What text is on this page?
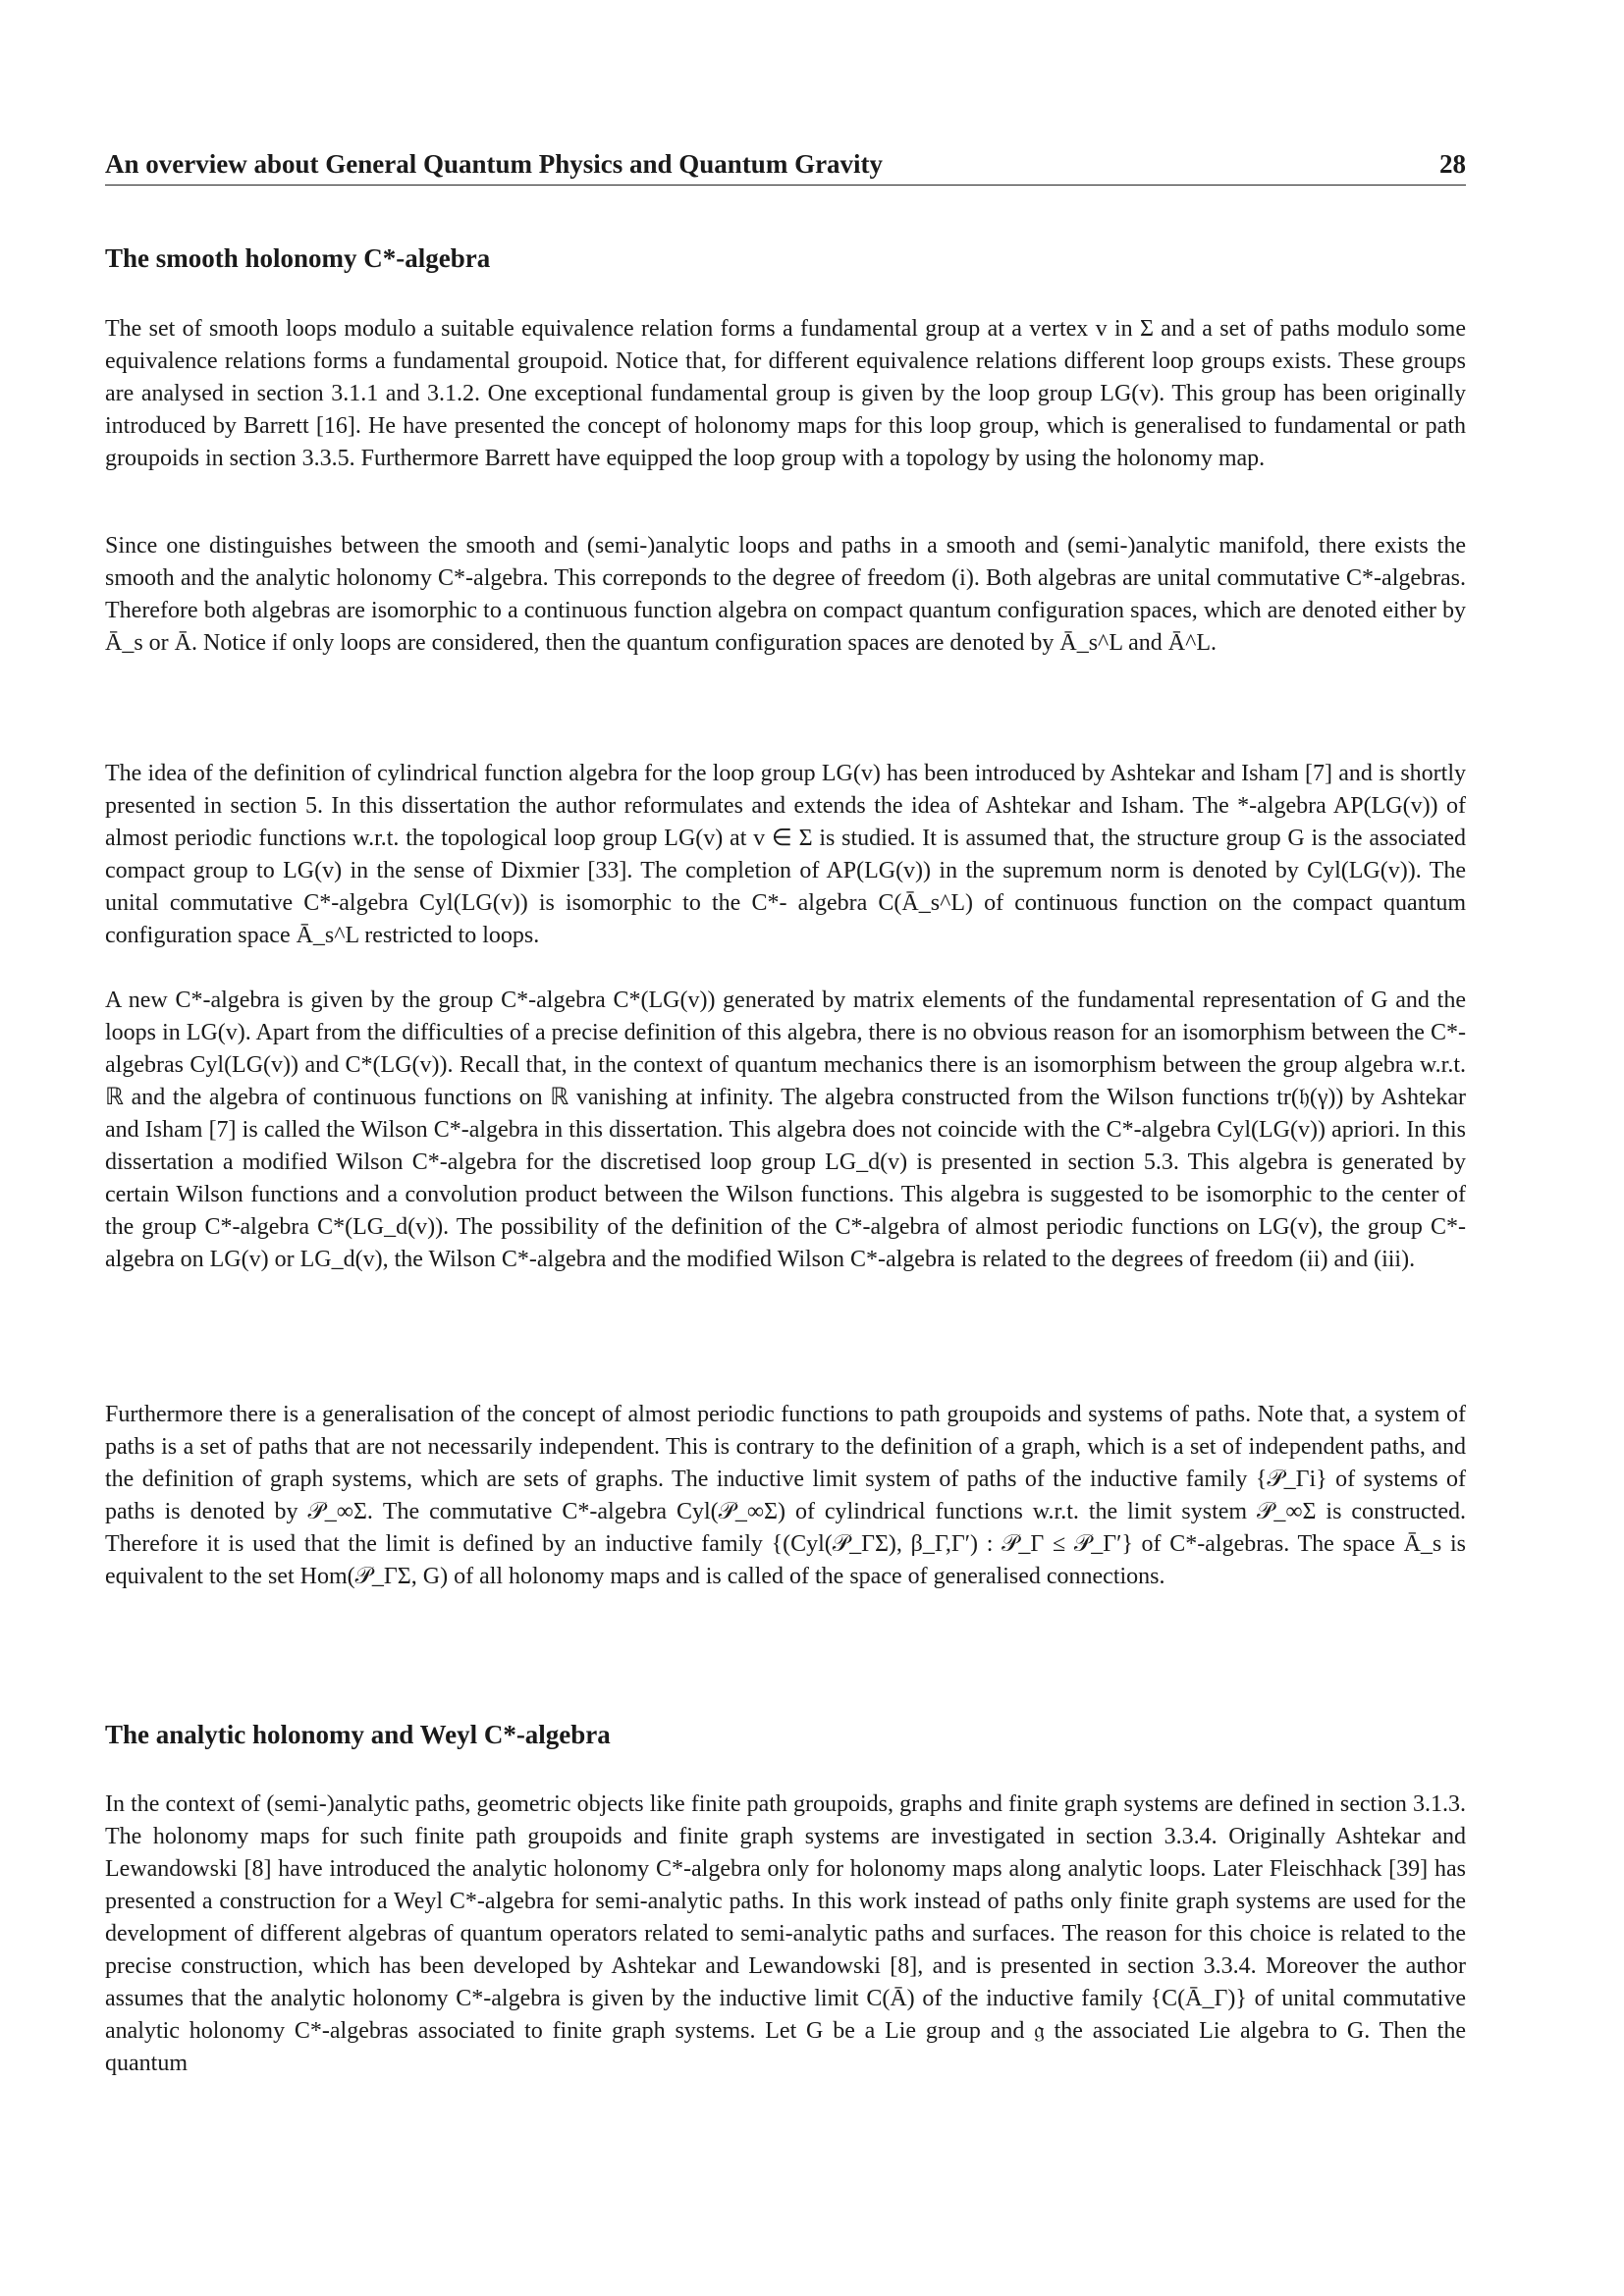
An overview about General Quantum Physics and Quantum Gravity	28
The smooth holonomy C*-algebra

The set of smooth loops modulo a suitable equivalence relation forms a fundamental group at a vertex v in Σ and a set of paths modulo some equivalence relations forms a fundamental groupoid. Notice that, for different equivalence relations different loop groups exists. These groups are analysed in section 3.1.1 and 3.1.2. One exceptional fundamental group is given by the loop group LG(v). This group has been originally introduced by Barrett [16]. He have presented the concept of holonomy maps for this loop group, which is generalised to fundamental or path groupoids in section 3.3.5. Furthermore Barrett have equipped the loop group with a topology by using the holonomy map.

Since one distinguishes between the smooth and (semi-)analytic loops and paths in a smooth and (semi-)analytic manifold, there exists the smooth and the analytic holonomy C*-algebra. This correponds to the degree of freedom (i). Both algebras are unital commutative C*-algebras. Therefore both algebras are isomorphic to a continuous function algebra on compact quantum configuration spaces, which are denoted either by Ā_s or Ā. Notice if only loops are considered, then the quantum configuration spaces are denoted by Ā_s^L and Ā^L.

The idea of the definition of cylindrical function algebra for the loop group LG(v) has been introduced by Ashtekar and Isham [7] and is shortly presented in section 5. In this dissertation the author reformulates and extends the idea of Ashtekar and Isham. The *-algebra AP(LG(v)) of almost periodic functions w.r.t. the topological loop group LG(v) at v ∈ Σ is studied. It is assumed that, the structure group G is the associated compact group to LG(v) in the sense of Dixmier [33]. The completion of AP(LG(v)) in the supremum norm is denoted by Cyl(LG(v)). The unital commutative C*-algebra Cyl(LG(v)) is isomorphic to the C*- algebra C(Ā_s^L) of continuous function on the compact quantum configuration space Ā_s^L restricted to loops.

A new C*-algebra is given by the group C*-algebra C*(LG(v)) generated by matrix elements of the fundamental representation of G and the loops in LG(v). Apart from the difficulties of a precise definition of this algebra, there is no obvious reason for an isomorphism between the C*-algebras Cyl(LG(v)) and C*(LG(v)). Recall that, in the context of quantum mechanics there is an isomorphism between the group algebra w.r.t. ℝ and the algebra of continuous functions on ℝ vanishing at infinity. The algebra constructed from the Wilson functions tr(𝔥(γ)) by Ashtekar and Isham [7] is called the Wilson C*-algebra in this dissertation. This algebra does not coincide with the C*-algebra Cyl(LG(v)) apriori. In this dissertation a modified Wilson C*-algebra for the discretised loop group LG_d(v) is presented in section 5.3. This algebra is generated by certain Wilson functions and a convolution product between the Wilson functions. This algebra is suggested to be isomorphic to the center of the group C*-algebra C*(LG_d(v)). The possibility of the definition of the C*-algebra of almost periodic functions on LG(v), the group C*-algebra on LG(v) or LG_d(v), the Wilson C*-algebra and the modified Wilson C*-algebra is related to the degrees of freedom (ii) and (iii).

Furthermore there is a generalisation of the concept of almost periodic functions to path groupoids and systems of paths. Note that, a system of paths is a set of paths that are not necessarily independent. This is contrary to the definition of a graph, which is a set of independent paths, and the definition of graph systems, which are sets of graphs. The inductive limit system of paths of the inductive family {𝒫_Γi} of systems of paths is denoted by 𝒫_∞Σ. The commutative C*-algebra Cyl(𝒫_∞Σ) of cylindrical functions w.r.t. the limit system 𝒫_∞Σ is constructed. Therefore it is used that the limit is defined by an inductive family {(Cyl(𝒫_ΓΣ), β_Γ,Γ′) : 𝒫_Γ ≤ 𝒫_Γ′} of C*-algebras. The space Ā_s is equivalent to the set Hom(𝒫_ΓΣ, G) of all holonomy maps and is called of the space of generalised connections.

The analytic holonomy and Weyl C*-algebra

In the context of (semi-)analytic paths, geometric objects like finite path groupoids, graphs and finite graph systems are defined in section 3.1.3. The holonomy maps for such finite path groupoids and finite graph systems are investigated in section 3.3.4. Originally Ashtekar and Lewandowski [8] have introduced the analytic holonomy C*-algebra only for holonomy maps along analytic loops. Later Fleischhack [39] has presented a construction for a Weyl C*-algebra for semi-analytic paths. In this work instead of paths only finite graph systems are used for the development of different algebras of quantum operators related to semi-analytic paths and surfaces. The reason for this choice is related to the precise construction, which has been developed by Ashtekar and Lewandowski [8], and is presented in section 3.3.4. Moreover the author assumes that the analytic holonomy C*-algebra is given by the inductive limit C(Ā) of the inductive family {C(Ā_Γ)} of unital commutative analytic holonomy C*-algebras associated to finite graph systems. Let G be a Lie group and 𝔤 the associated Lie algebra to G. Then the quantum
